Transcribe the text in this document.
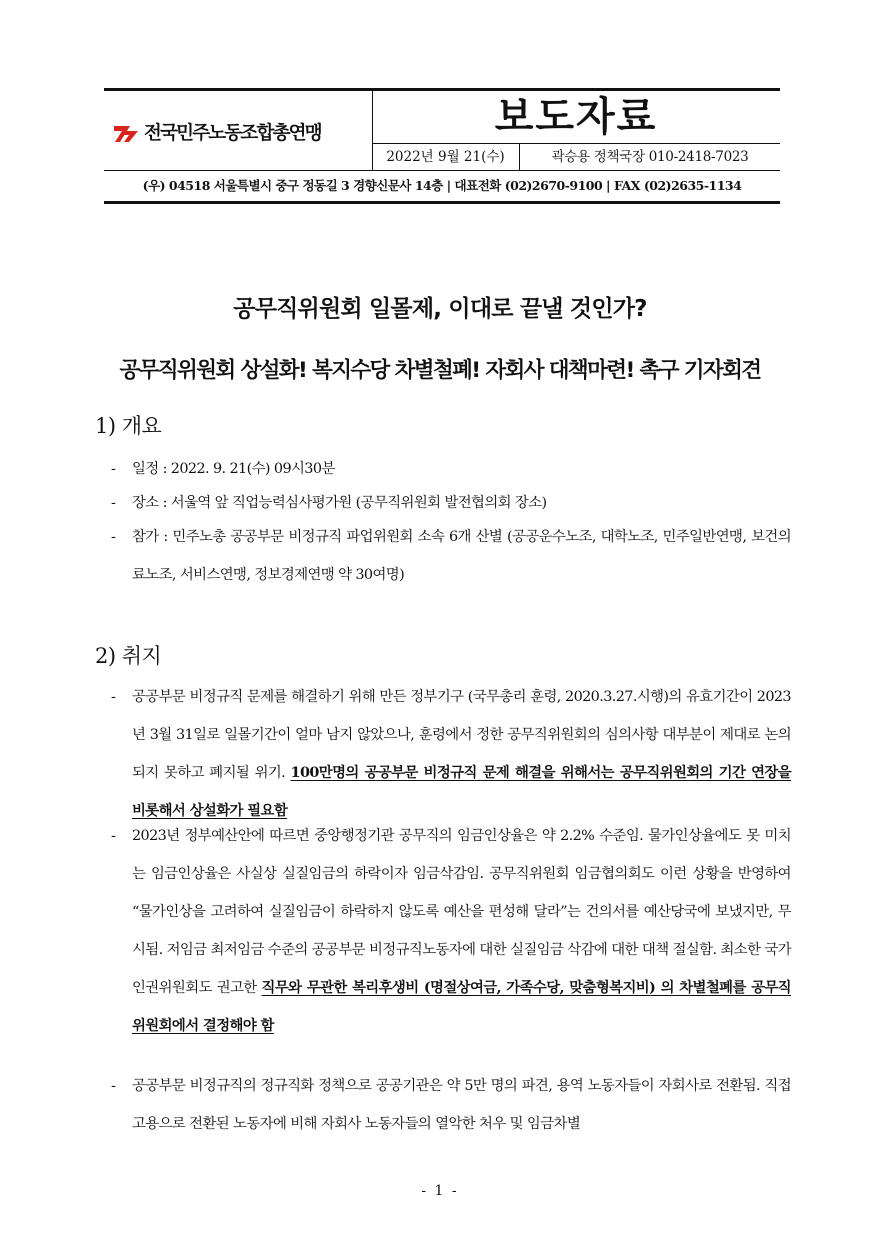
전국민주노동조합총연맹	보도자료
2022년 9월 21(수)	곽승용 정책국장 010-2418-7023
(우) 04518 서울특별시 중구 정동길 3 경향신문사 14층 | 대표전화 (02)2670-9100 | FAX (02)2635-1134
공무직위원회 일몰제, 이대로 끝낼 것인가?
공무직위원회 상설화! 복지수당 차별철폐! 자회사 대책마련! 촉구 기자회견
1) 개요
- 일정 : 2022. 9. 21(수) 09시30분
- 장소 : 서울역 앞 직업능력심사평가원 (공무직위원회 발전협의회 장소)
- 참가 : 민주노총 공공부문 비정규직 파업위원회 소속 6개 산별 (공공운수노조, 대학노조, 민주일반연맹, 보건의료노조, 서비스연맹, 정보경제연맹 약 30여명)
2) 취지
- 공공부문 비정규직 문제를 해결하기 위해 만든 정부기구 (국무총리 훈령, 2020.3.27.시행)의 유효기간이 2023년 3월 31일로 일몰기간이 얼마 남지 않았으나, 훈령에서 정한 공무직위원회의 심의사항 대부분이 제대로 논의되지 못하고 폐지될 위기. 100만명의 공공부문 비정규직 문제 해결을 위해서는 공무직위원회의 기간 연장을 비롯해서 상설화가 필요함
- 2023년 정부예산안에 따르면 중앙행정기관 공무직의 임금인상율은 약 2.2% 수준임. 물가인상율에도 못 미치는 임금인상율은 사실상 실질임금의 하락이자 임금삭감임. 공무직위원회 임금협의회도 이런 상황을 반영하여 “물가인상을 고려하여 실질임금이 하락하지 않도록 예산을 편성해 달라”는 건의서를 예산당국에 보냈지만, 무시됨. 저임금 최저임금 수준의 공공부문 비정규직노동자에 대한 실질임금 삭감에 대한 대책 절실함. 최소한 국가인권위원회도 권고한 직무와 무관한 복리후생비 (명절상여금, 가족수당, 맞춤형복지비) 의 차별철폐를 공무직위원회에서 결정해야 함
- 공공부문 비정규직의 정규직화 정책으로 공공기관은 약 5만 명의 파견, 용역 노동자들이 자회사로 전환됨. 직접고용으로 전환된 노동자에 비해 자회사 노동자들의 열악한 처우 및 임금차별
- 1 -
